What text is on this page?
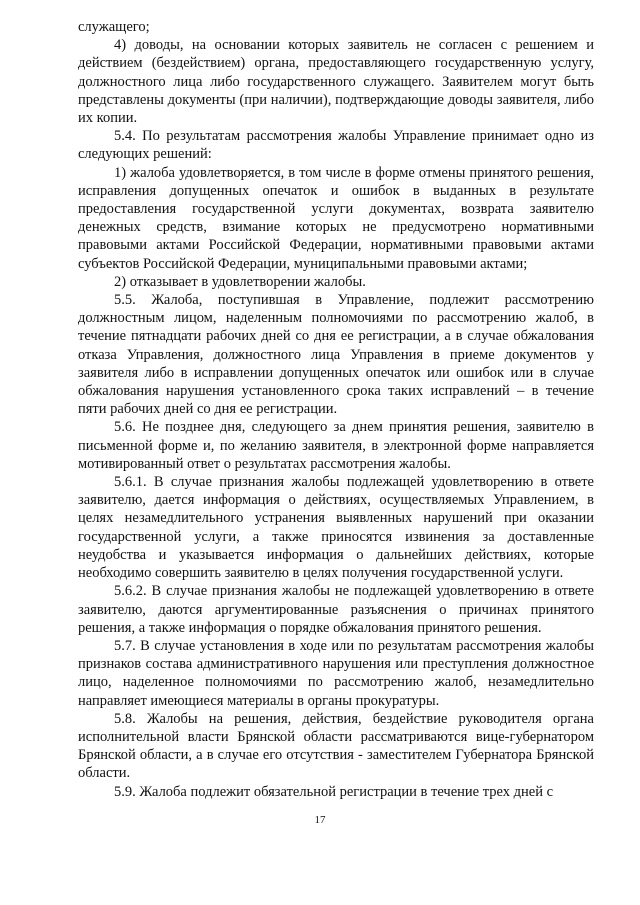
служащего;

4) доводы, на основании которых заявитель не согласен с решением и действием (бездействием) органа, предоставляющего государственную услугу, должностного лица либо государственного служащего. Заявителем могут быть представлены документы (при наличии), подтверждающие доводы заявителя, либо их копии.

5.4. По результатам рассмотрения жалобы Управление принимает одно из следующих решений:

1) жалоба удовлетворяется, в том числе в форме отмены принятого решения, исправления допущенных опечаток и ошибок в выданных в результате предоставления государственной услуги документах, возврата заявителю денежных средств, взимание которых не предусмотрено нормативными правовыми актами Российской Федерации, нормативными правовыми актами субъектов Российской Федерации, муниципальными правовыми актами;

2) отказывает в удовлетворении жалобы.

5.5. Жалоба, поступившая в Управление, подлежит рассмотрению должностным лицом, наделенным полномочиями по рассмотрению жалоб, в течение пятнадцати рабочих дней со дня ее регистрации, а в случае обжалования отказа Управления, должностного лица Управления в приеме документов у заявителя либо в исправлении допущенных опечаток или ошибок или в случае обжалования нарушения установленного срока таких исправлений – в течение пяти рабочих дней со дня ее регистрации.

5.6. Не позднее дня, следующего за днем принятия решения, заявителю в письменной форме и, по желанию заявителя, в электронной форме направляется мотивированный ответ о результатах рассмотрения жалобы.

5.6.1. В случае признания жалобы подлежащей удовлетворению в ответе заявителю, дается информация о действиях, осуществляемых Управлением, в целях незамедлительного устранения выявленных нарушений при оказании государственной услуги, а также приносятся извинения за доставленные неудобства и указывается информация о дальнейших действиях, которые необходимо совершить заявителю в целях получения государственной услуги.

5.6.2. В случае признания жалобы не подлежащей удовлетворению в ответе заявителю, даются аргументированные разъяснения о причинах принятого решения, а также информация о порядке обжалования принятого решения.

5.7. В случае установления в ходе или по результатам рассмотрения жалобы признаков состава административного нарушения или преступления должностное лицо, наделенное полномочиями по рассмотрению жалоб, незамедлительно направляет имеющиеся материалы в органы прокуратуры.

5.8. Жалобы на решения, действия, бездействие руководителя органа исполнительной власти Брянской области рассматриваются вице-губернатором Брянской области, а в случае его отсутствия - заместителем Губернатора Брянской области.

5.9. Жалоба подлежит обязательной регистрации в течение трех дней с

17
